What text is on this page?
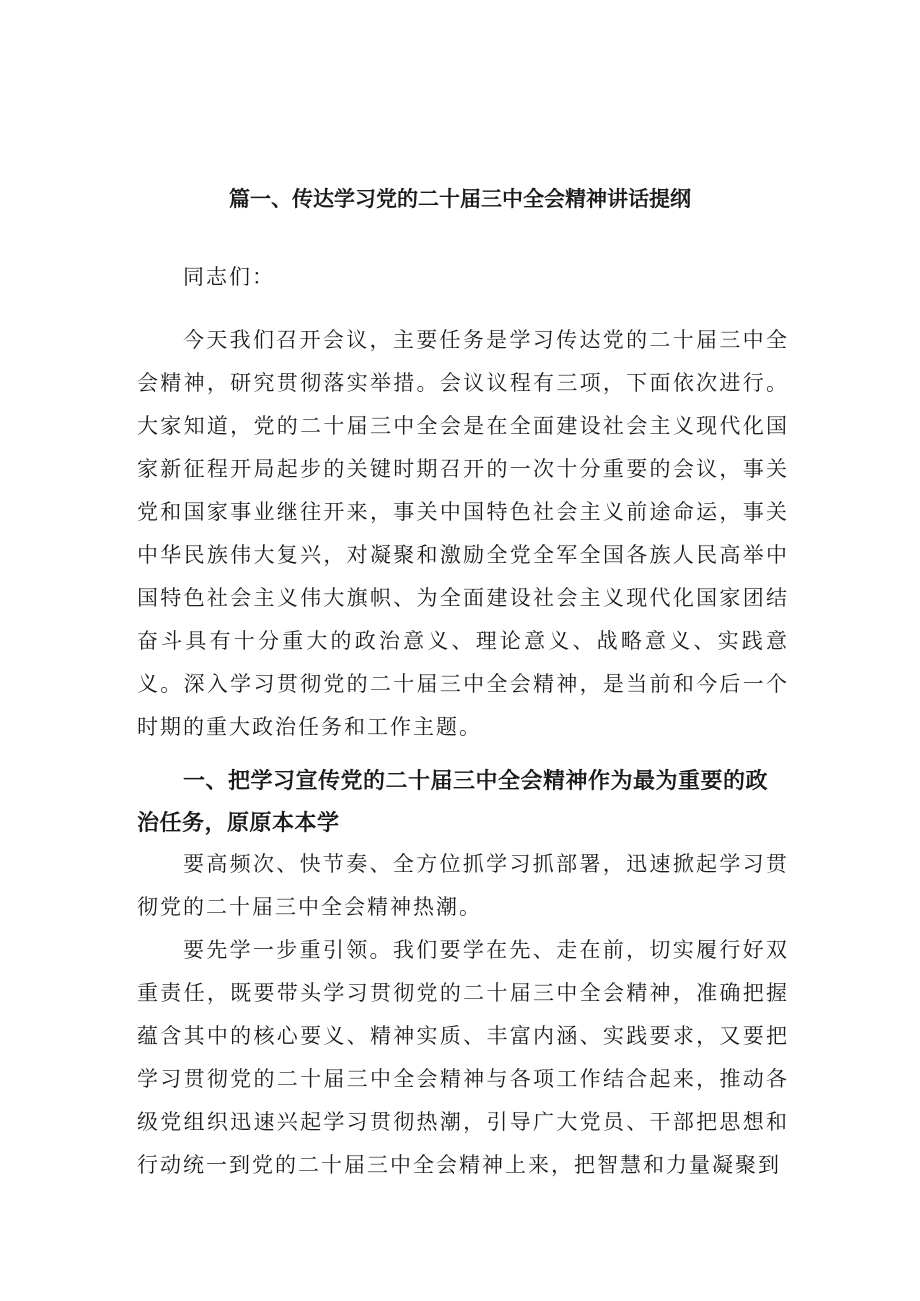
篇一、传达学习党的二十届三中全会精神讲话提纲

同志们：

今天我们召开会议，主要任务是学习传达党的二十届三中全会精神，研究贯彻落实举措。会议议程有三项，下面依次进行。大家知道，党的二十届三中全会是在全面建设社会主义现代化国家新征程开局起步的关键时期召开的一次十分重要的会议，事关党和国家事业继往开来，事关中国特色社会主义前途命运，事关中华民族伟大复兴，对凝聚和激励全党全军全国各族人民高举中国特色社会主义伟大旗帜、为全面建设社会主义现代化国家团结奋斗具有十分重大的政治意义、理论意义、战略意义、实践意义。深入学习贯彻党的二十届三中全会精神，是当前和今后一个时期的重大政治任务和工作主题。

一、把学习宣传党的二十届三中全会精神作为最为重要的政治任务，原原本本学

要高频次、快节奏、全方位抓学习抓部署，迅速掀起学习贯彻党的二十届三中全会精神热潮。

要先学一步重引领。我们要学在先、走在前，切实履行好双重责任，既要带头学习贯彻党的二十届三中全会精神，准确把握蕴含其中的核心要义、精神实质、丰富内涵、实践要求，又要把学习贯彻党的二十届三中全会精神与各项工作结合起来，推动各级党组织迅速兴起学习贯彻热潮，引导广大党员、干部把思想和行动统一到党的二十届三中全会精神上来，把智慧和力量凝聚到
